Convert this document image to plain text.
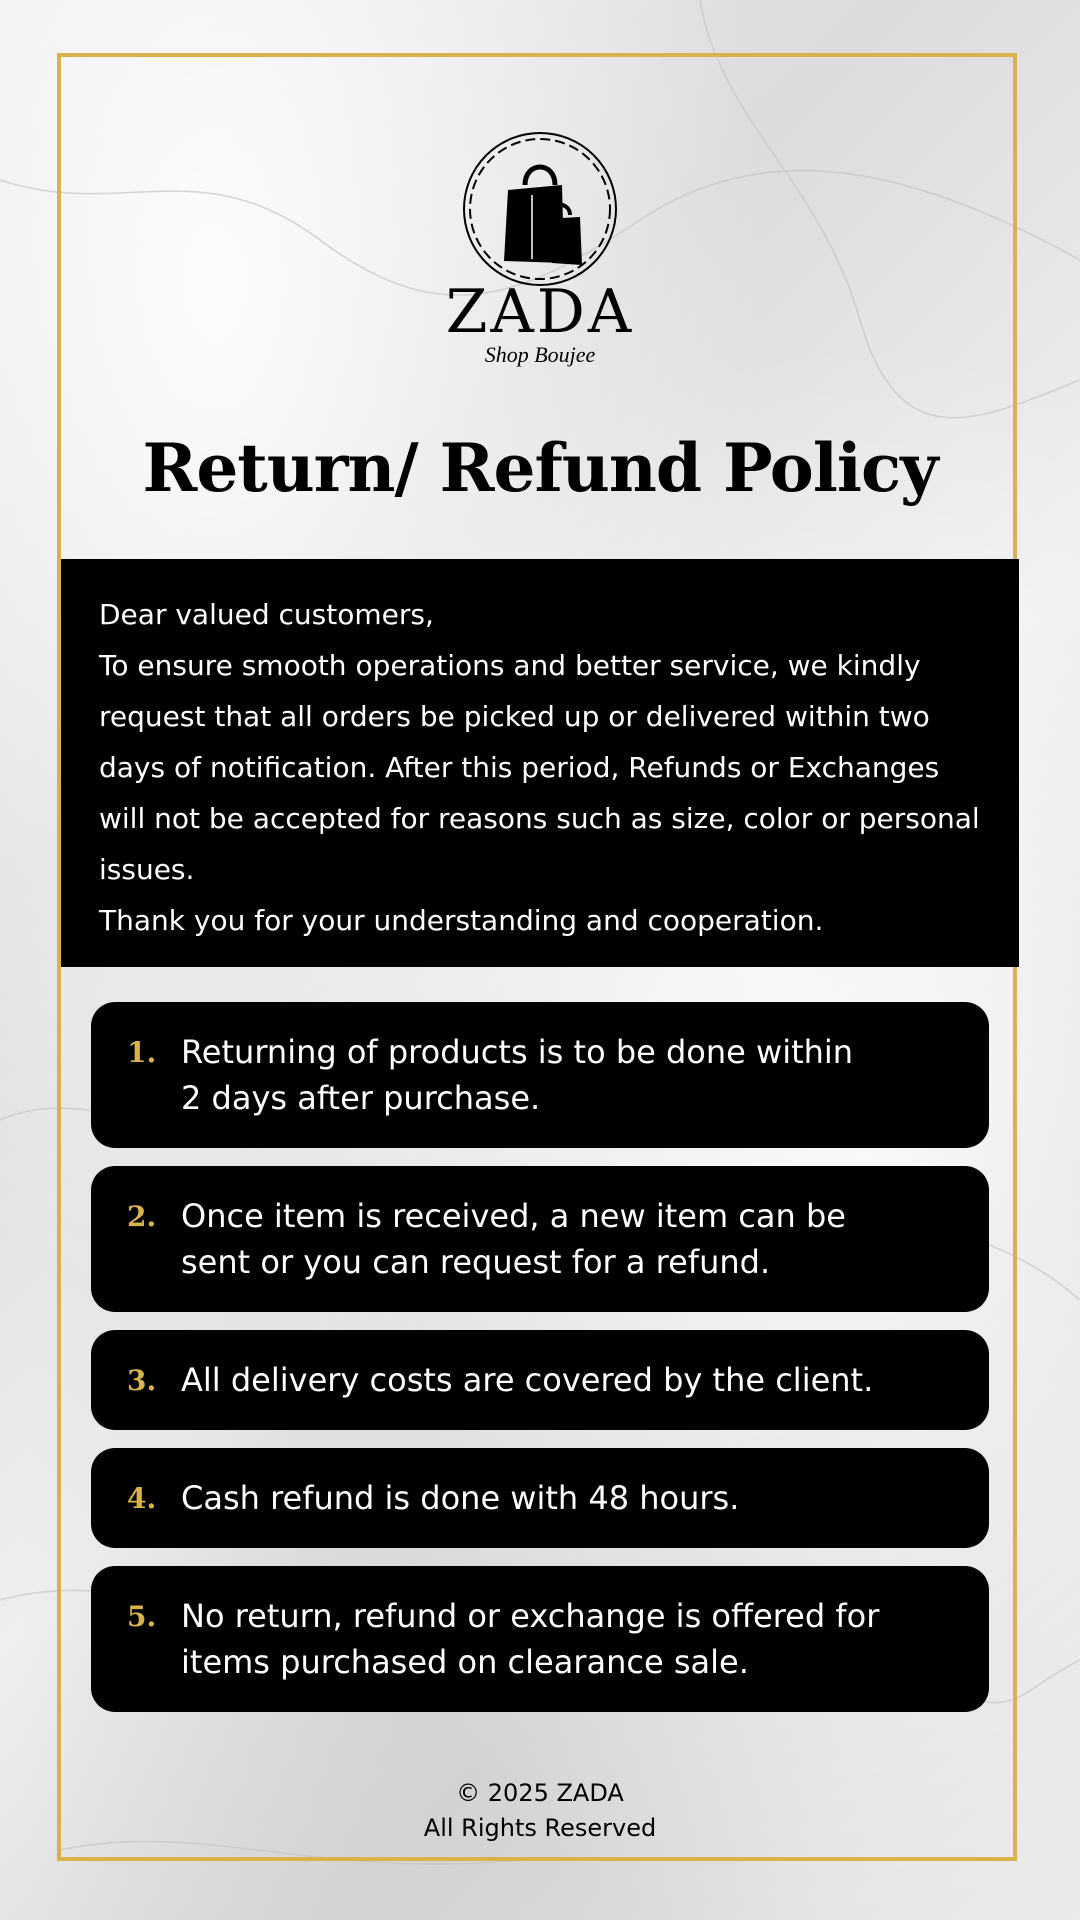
ZADA
Shop Boujee
Return/ Refund Policy

Dear valued customers,

To ensure smooth operations and better service, we kindly request that all orders be picked up or delivered within two days of notification. After this period, Refunds or Exchanges will not be accepted for reasons such as size, color or personal issues.

Thank you for your understanding and cooperation.

1. Returning of products is to be done within
2 days after purchase.
2. Once item is received, a new item can be
sent or you can request for a refund.
3. All delivery costs are covered by the client.
4. Cash refund is done with 48 hours.
5. No return, refund or exchange is offered for
items purchased on clearance sale.
© 2025 ZADA
All Rights Reserved
